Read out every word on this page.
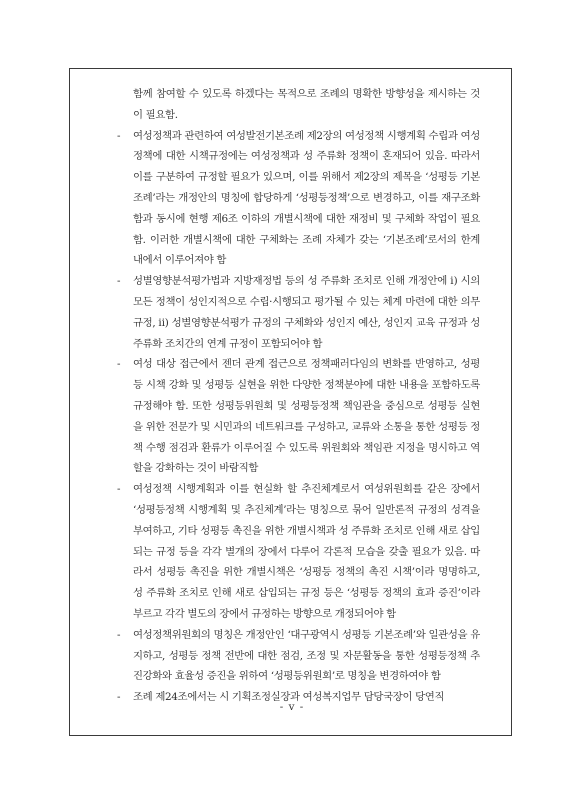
함께 참여할 수 있도록 하겠다는 목적으로 조례의 명확한 방향성을 제시하는 것이 필요함.
- 여성정책과 관련하여 여성발전기본조례 제2장의 여성정책 시행계획 수립과 여성정책에 대한 시책규정에는 여성정책과 성 주류화 정책이 혼재되어 있음. 따라서 이를 구분하여 규정할 필요가 있으며, 이를 위해서 제2장의 제목을 ‘성평등 기본조례’라는 개정안의 명칭에 합당하게 ‘성평등정책’으로 변경하고, 이를 재구조화함과 동시에 현행 제6조 이하의 개별시책에 대한 재정비 및 구체화 작업이 필요함. 이러한 개별시책에 대한 구체화는 조례 자체가 갖는 ‘기본조례’로서의 한계 내에서 이루어져야 함
- 성별영향분석평가법과 지방재정법 등의 성 주류화 조치로 인해 개정안에 ⅰ) 시의 모든 정책이 성인지적으로 수립·시행되고 평가될 수 있는 체계 마련에 대한 의무규정, ⅱ) 성별영향분석평가 규정의 구체화와 성인지 예산, 성인지 교육 규정과 성 주류화 조치간의 연계 규정이 포함되어야 함
- 여성 대상 접근에서 젠더 관계 접근으로 정책패러다임의 변화를 반영하고, 성평등 시책 강화 및 성평등 실현을 위한 다양한 정책분야에 대한 내용을 포함하도록 규정해야 함. 또한 성평등위원회 및 성평등정책 책임관을 중심으로 성평등 실현을 위한 전문가 및 시민과의 네트워크를 구성하고, 교류와 소통을 통한 성평등 정책 수행 점검과 환류가 이루어질 수 있도록 위원회와 책임관 지정을 명시하고 역할을 강화하는 것이 바람직함
- 여성정책 시행계획과 이를 현실화 할 추진체계로서 여성위원회를 같은 장에서 ‘성평등정책 시행계획 및 추진체계’라는 명칭으로 묶어 일반론적 규정의 성격을 부여하고, 기타 성평등 촉진을 위한 개별시책과 성 주류화 조치로 인해 새로 삽입되는 규정 등을 각각 별개의 장에서 다루어 각론적 모습을 갖출 필요가 있음. 따라서 성평등 촉진을 위한 개별시책은 ‘성평등 정책의 촉진 시책’이라 명명하고, 성 주류화 조치로 인해 새로 삽입되는 규정 등은 ‘성평등 정책의 효과 증진’이라 부르고 각각 별도의 장에서 규정하는 방향으로 개정되어야 함
- 여성정책위원회의 명칭은 개정안인 ‘대구광역시 성평등 기본조례’와 일관성을 유지하고, 성평등 정책 전반에 대한 점검, 조정 및 자문활동을 통한 성평등정책 추진강화와 효율성 증진을 위하여 ‘성평등위원회’로 명칭을 변경하여야 함
- 조례 제24조에서는 시 기획조정실장과 여성복지업무 담당국장이 당연직
- v -
